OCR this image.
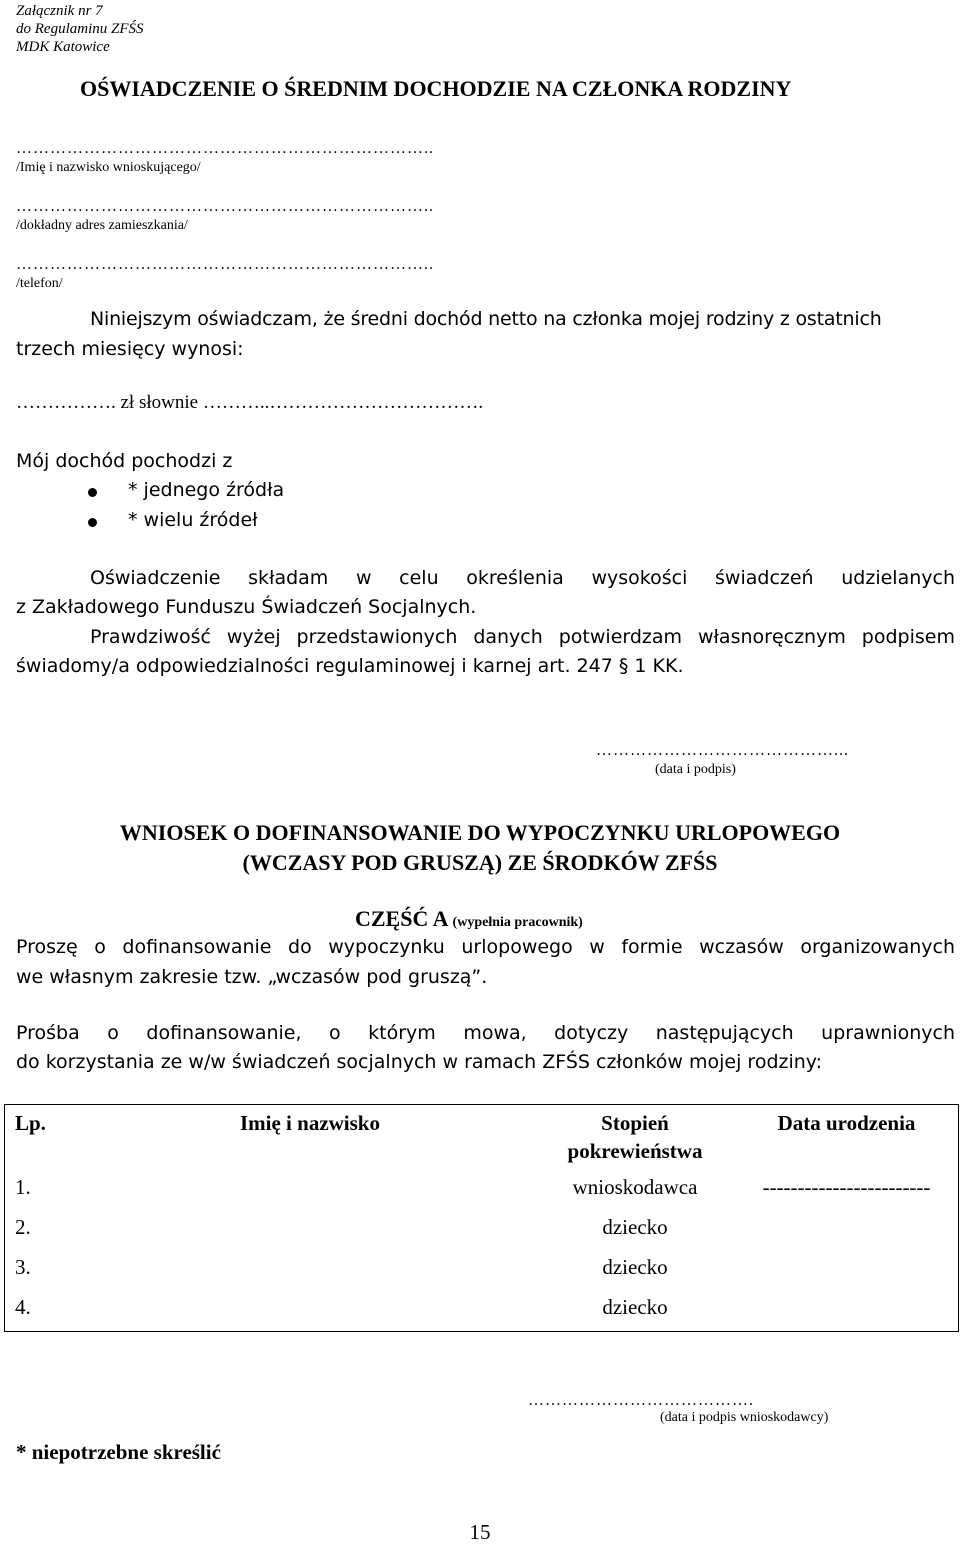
Załącznik nr 7
do Regulaminu ZFŚS
MDK Katowice
OŚWIADCZENIE O ŚREDNIM DOCHODZIE NA CZŁONKA RODZINY
………………………………………………………………..
/Imię i nazwisko wnioskującego/
………………………………………………………………..
/dokładny adres zamieszkania/
………………………………………………………………..
/telefon/
Niniejszym oświadczam, że średni dochód netto na członka mojej rodziny z ostatnich
trzech miesięcy wynosi:
……………. zł słownie ………..…………………………….
Mój dochód pochodzi z
* jednego źródła
* wielu źródeł
Oświadczenie składam w celu określenia wysokości świadczeń udzielanych
z Zakładowego Funduszu Świadczeń Socjalnych.
Prawdziwość wyżej przedstawionych danych potwierdzam własnoręcznym podpisem
świadomy/a odpowiedzialności regulaminowej i karnej art. 247 § 1 KK.
……………………………………...
(data i podpis)
WNIOSEK O DOFINANSOWANIE DO WYPOCZYNKU URLOPOWEGO
(WCZASY POD GRUSZĄ) ZE ŚRODKÓW ZFŚS
CZĘŚĆ A (wypełnia pracownik)
Proszę o dofinansowanie do wypoczynku urlopowego w formie wczasów organizowanych
we własnym zakresie tzw. „wczasów pod gruszą”.
Prośba o dofinansowanie, o którym mowa, dotyczy następujących uprawnionych
do korzystania ze w/w świadczeń socjalnych w ramach ZFŚS członków mojej rodziny:
Lp.	Imię i nazwisko	Stopień pokrewieństwa	Data urodzenia
1.		wnioskodawca	------------------------
2.		dziecko	
3.		dziecko	
4.		dziecko	
………………………………….
(data i podpis wnioskodawcy)
* niepotrzebne skreślić
15
